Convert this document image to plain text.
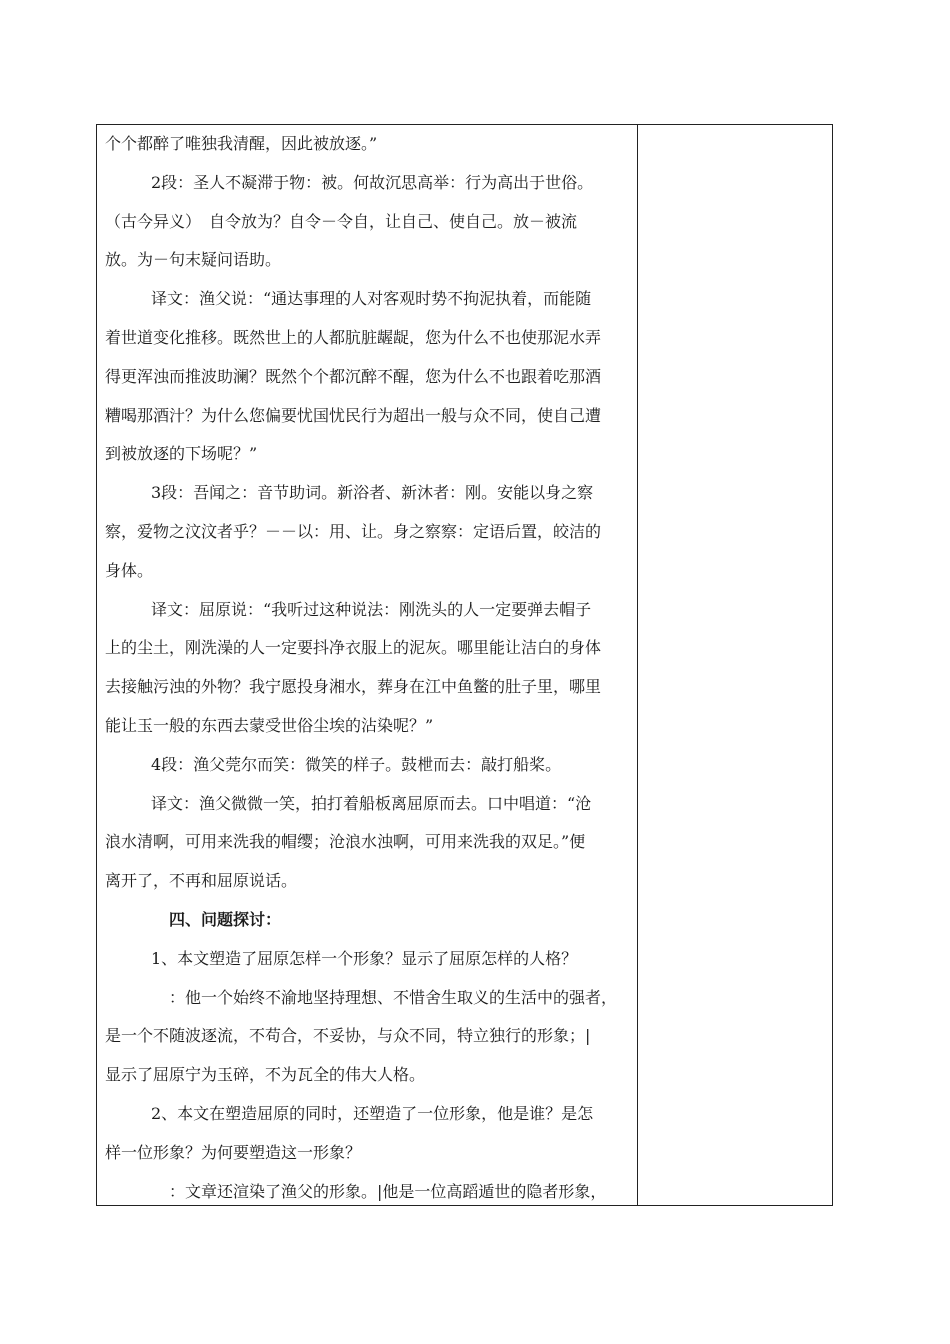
个个都醉了唯独我清醒，因此被放逐。”

2段：圣人不凝滞于物：被。何故沉思高举：行为高出于世俗。

（古今异义）　自令放为？自令－令自，让自己、使自己。放－被流

放。为－句末疑问语助。

译文：渔父说：“通达事理的人对客观时势不拘泥执着，而能随

着世道变化推移。既然世上的人都肮脏龌龊，您为什么不也使那泥水弄

得更浑浊而推波助澜？既然个个都沉醉不醒，您为什么不也跟着吃那酒

糟喝那酒汁？为什么您偏要忧国忧民行为超出一般与众不同，使自己遭

到被放逐的下场呢？”

3段：吾闻之：音节助词。新浴者、新沐者：刚。安能以身之察

察，爱物之汶汶者乎？－－以：用、让。身之察察：定语后置，皎洁的

身体。

译文：屈原说：“我听过这种说法：刚洗头的人一定要弹去帽子

上的尘土，刚洗澡的人一定要抖净衣服上的泥灰。哪里能让洁白的身体

去接触污浊的外物？我宁愿投身湘水，葬身在江中鱼鳖的肚子里，哪里

能让玉一般的东西去蒙受世俗尘埃的沾染呢？”

4段：渔父莞尔而笑：微笑的样子。鼓枻而去：敲打船桨。

译文：渔父微微一笑，拍打着船板离屈原而去。口中唱道：“沧

浪水清啊，可用来洗我的帽缨；沧浪水浊啊，可用来洗我的双足。”便

离开了，不再和屈原说话。

四、问题探讨：

1、本文塑造了屈原怎样一个形象？显示了屈原怎样的人格？

：他一个始终不渝地坚持理想、不惜舍生取义的生活中的强者，

是一个不随波逐流，不苟合，不妥协，与众不同，特立独行的形象；|

显示了屈原宁为玉碎，不为瓦全的伟大人格。

2、本文在塑造屈原的同时，还塑造了一位形象，他是谁？是怎

样一位形象？为何要塑造这一形象？

：文章还渲染了渔父的形象。|他是一位高蹈遁世的隐者形象，
